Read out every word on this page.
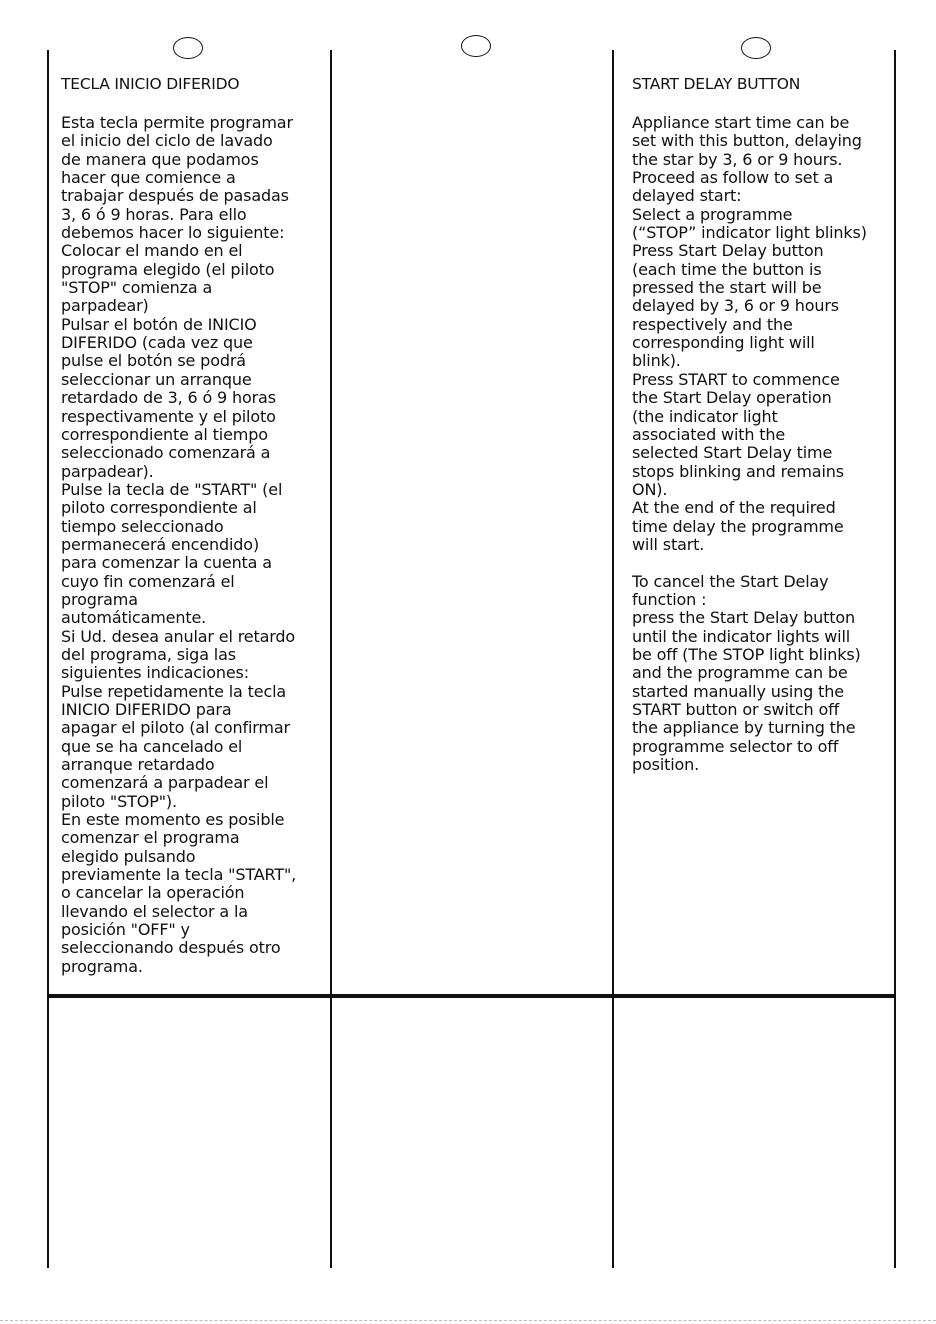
TECLA INICIO DIFERIDO
Esta tecla permite programar
el inicio del ciclo de lavado
de manera que podamos
hacer que comience a
trabajar después de pasadas
3, 6 ó 9 horas. Para ello
debemos hacer lo siguiente:
Colocar el mando en el
programa elegido (el piloto
"STOP" comienza a
parpadear)
Pulsar el botón de INICIO
DIFERIDO (cada vez que
pulse el botón se podrá
seleccionar un arranque
retardado de 3, 6 ó 9 horas
respectivamente y el piloto
correspondiente al tiempo
seleccionado comenzará a
parpadear).
Pulse la tecla de "START" (el
piloto correspondiente al
tiempo seleccionado
permanecerá encendido)
para comenzar la cuenta a
cuyo fin comenzará el
programa
automáticamente.
Si Ud. desea anular el retardo
del programa, siga las
siguientes indicaciones:
Pulse repetidamente la tecla
INICIO DIFERIDO para
apagar el piloto (al confirmar
que se ha cancelado el
arranque retardado
comenzará a parpadear el
piloto "STOP").
En este momento es posible
comenzar el programa
elegido pulsando
previamente la tecla "START",
o cancelar la operación
llevando el selector a la
posición "OFF" y
seleccionando después otro
programa.
START DELAY BUTTON
Appliance start time can be
set with this button, delaying
the star by 3, 6 or 9 hours.
Proceed as follow to set a
delayed start:
Select a programme
(“STOP” indicator light blinks)
Press Start Delay button
(each time the button is
pressed the start will be
delayed by 3, 6 or 9 hours
respectively and the
corresponding light will
blink).
Press START to commence
the Start Delay operation
(the indicator light
associated with the
selected Start Delay time
stops blinking and remains
ON).
At the end of the required
time delay the programme
will start.
To cancel the Start Delay
function :
press the Start Delay button
until the indicator lights will
be off (The STOP light blinks)
and the programme can be
started manually using the
START button or switch off
the appliance by turning the
programme selector to off
position.
